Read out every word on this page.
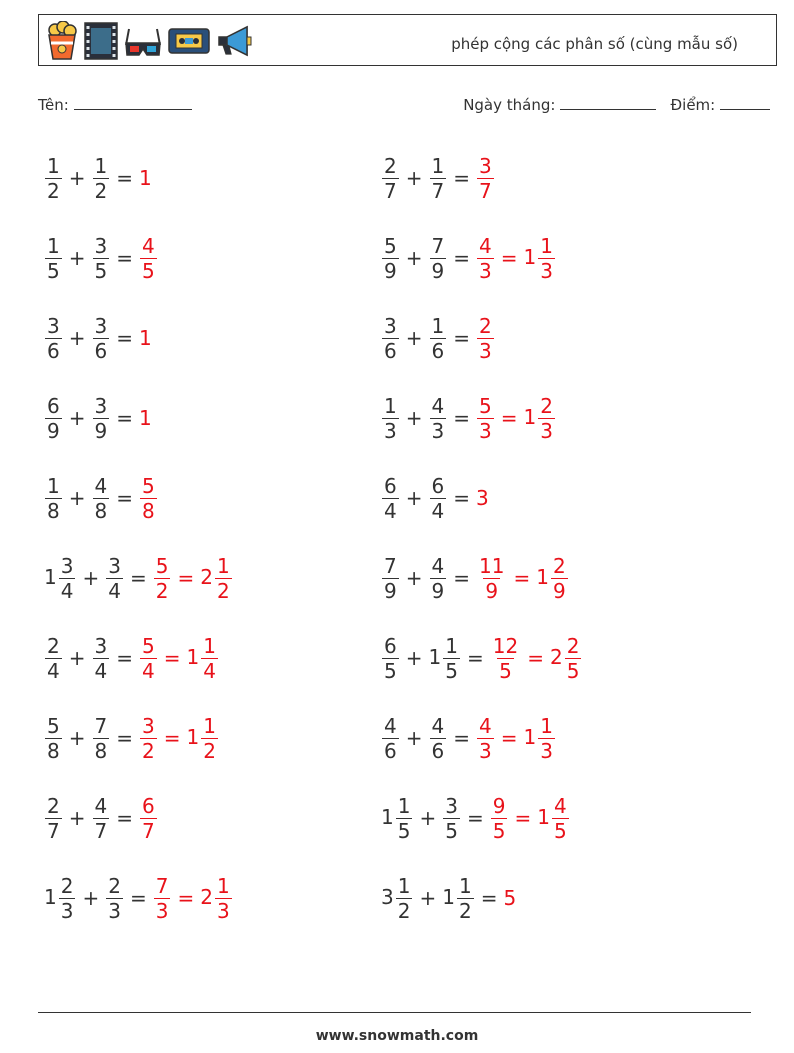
phép cộng các phân số (cùng mẫu số)
Tên:	Ngày tháng:	Điểm:
$\frac{1}{2} + \frac{1}{2} = 1$
$\frac{1}{5} + \frac{3}{5} = \frac{4}{5}$
$\frac{3}{6} + \frac{3}{6} = 1$
$\frac{6}{9} + \frac{3}{9} = 1$
$\frac{1}{8} + \frac{4}{8} = \frac{5}{8}$
$1 \frac{3}{4} + \frac{3}{4} = \frac{5}{2} = 2 \frac{1}{2}$
$\frac{2}{4} + \frac{3}{4} = \frac{5}{4} = 1 \frac{1}{4}$
$\frac{5}{8} + \frac{7}{8} = \frac{3}{2} = 1 \frac{1}{2}$
$\frac{2}{7} + \frac{4}{7} = \frac{6}{7}$
$1 \frac{2}{3} + \frac{2}{3} = \frac{7}{3} = 2 \frac{1}{3}$
$\frac{2}{7} + \frac{1}{7} = \frac{3}{7}$
$\frac{5}{9} + \frac{7}{9} = \frac{4}{3} = 1 \frac{1}{3}$
$\frac{3}{6} + \frac{1}{6} = \frac{2}{3}$
$\frac{1}{3} + \frac{4}{3} = \frac{5}{3} = 1 \frac{2}{3}$
$\frac{6}{4} + \frac{6}{4} = 3$
$\frac{7}{9} + \frac{4}{9} = \frac{11}{9} = 1 \frac{2}{9}$
$\frac{6}{5} + 1 \frac{1}{5} = \frac{12}{5} = 2 \frac{2}{5}$
$\frac{4}{6} + \frac{4}{6} = \frac{4}{3} = 1 \frac{1}{3}$
$1 \frac{1}{5} + \frac{3}{5} = \frac{9}{5} = 1 \frac{4}{5}$
$3 \frac{1}{2} + 1 \frac{1}{2} = 5$
www.snowmath.com
